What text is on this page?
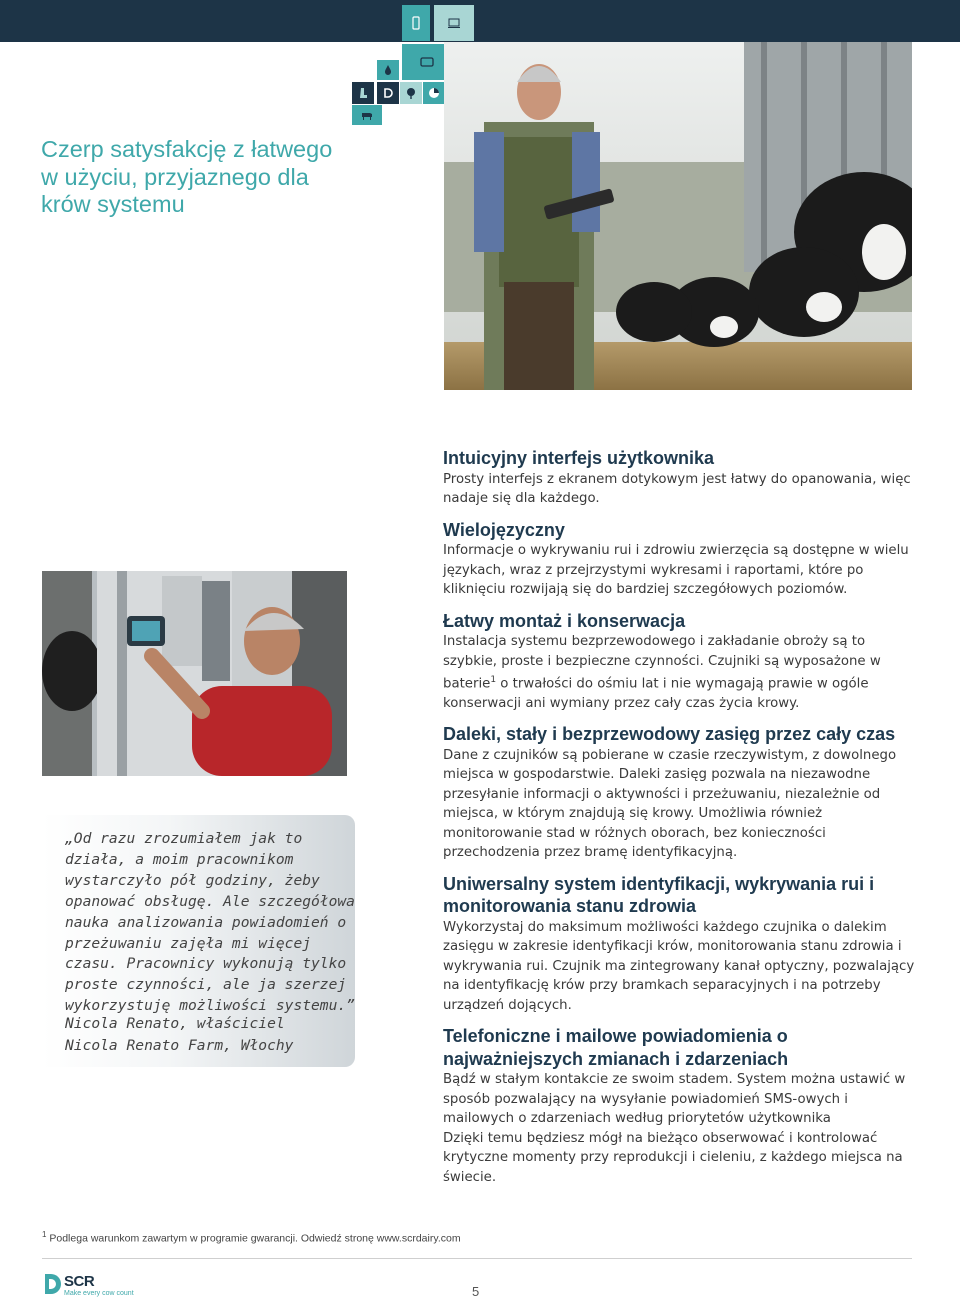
Czerp satysfakcję z łatwego
w użyciu, przyjaznego dla
krów systemu
„Od razu zrozumiałem jak to działa, a moim pracownikom wystarczyło pół godziny, żeby opanować obsługę. Ale szczegółowa nauka analizowania powiadomień o przeżuwaniu zajęła mi więcej czasu. Pracownicy wykonują tylko proste czynności, ale ja szerzej wykorzystuję możliwości systemu.”
Nicola Renato, właściciel
Nicola Renato Farm, Włochy
Intuicyjny interfejs użytkownika

Prosty interfejs z ekranem dotykowym jest łatwy do opanowania, więc nadaje się dla każdego.

Wielojęzyczny

Informacje o wykrywaniu rui i zdrowiu zwierzęcia są dostępne w wielu językach, wraz z przejrzystymi wykresami i raportami, które po kliknięciu rozwijają się do bardziej szczegółowych poziomów.

Łatwy montaż i konserwacja

Instalacja systemu bezprzewodowego i zakładanie obroży są to szybkie, proste i bezpieczne czynności. Czujniki są wyposażone w baterie$^1$ o trwałości do ośmiu lat i nie wymagają prawie w ogóle konserwacji ani wymiany przez cały czas życia krowy.

Daleki, stały i bezprzewodowy zasięg przez cały czas

Dane z czujników są pobierane w czasie rzeczywistym, z dowolnego miejsca w gospodarstwie. Daleki zasięg pozwala na niezawodne przesyłanie informacji o aktywności i przeżuwaniu, niezależnie od miejsca, w którym znajdują się krowy. Umożliwia również monitorowanie stad w różnych oborach, bez konieczności przechodzenia przez bramę identyfikacyjną.

Uniwersalny system identyfikacji, wykrywania rui i monitorowania stanu zdrowia

Wykorzystaj do maksimum możliwości każdego czujnika o dalekim zasięgu w zakresie identyfikacji krów, monitorowania stanu zdrowia i wykrywania rui. Czujnik ma zintegrowany kanał optyczny, pozwalający na identyfikację krów przy bramkach separacyjnych i na potrzeby urządzeń dojących.

Telefoniczne i mailowe powiadomienia o najważniejszych zmianach i zdarzeniach

Bądź w stałym kontakcie ze swoim stadem. System można ustawić w sposób pozwalający na wysyłanie powiadomień SMS-owych i mailowych o zdarzeniach według priorytetów użytkownika
Dzięki temu będziesz mógł na bieżąco obserwować i kontrolować krytyczne momenty przy reprodukcji i cieleniu, z każdego miejsca na świecie.

$^1$ Podlega warunkom zawartym w programie gwarancji. Odwiedź stronę www.scrdairy.com
SCR
Make every cow count	5
